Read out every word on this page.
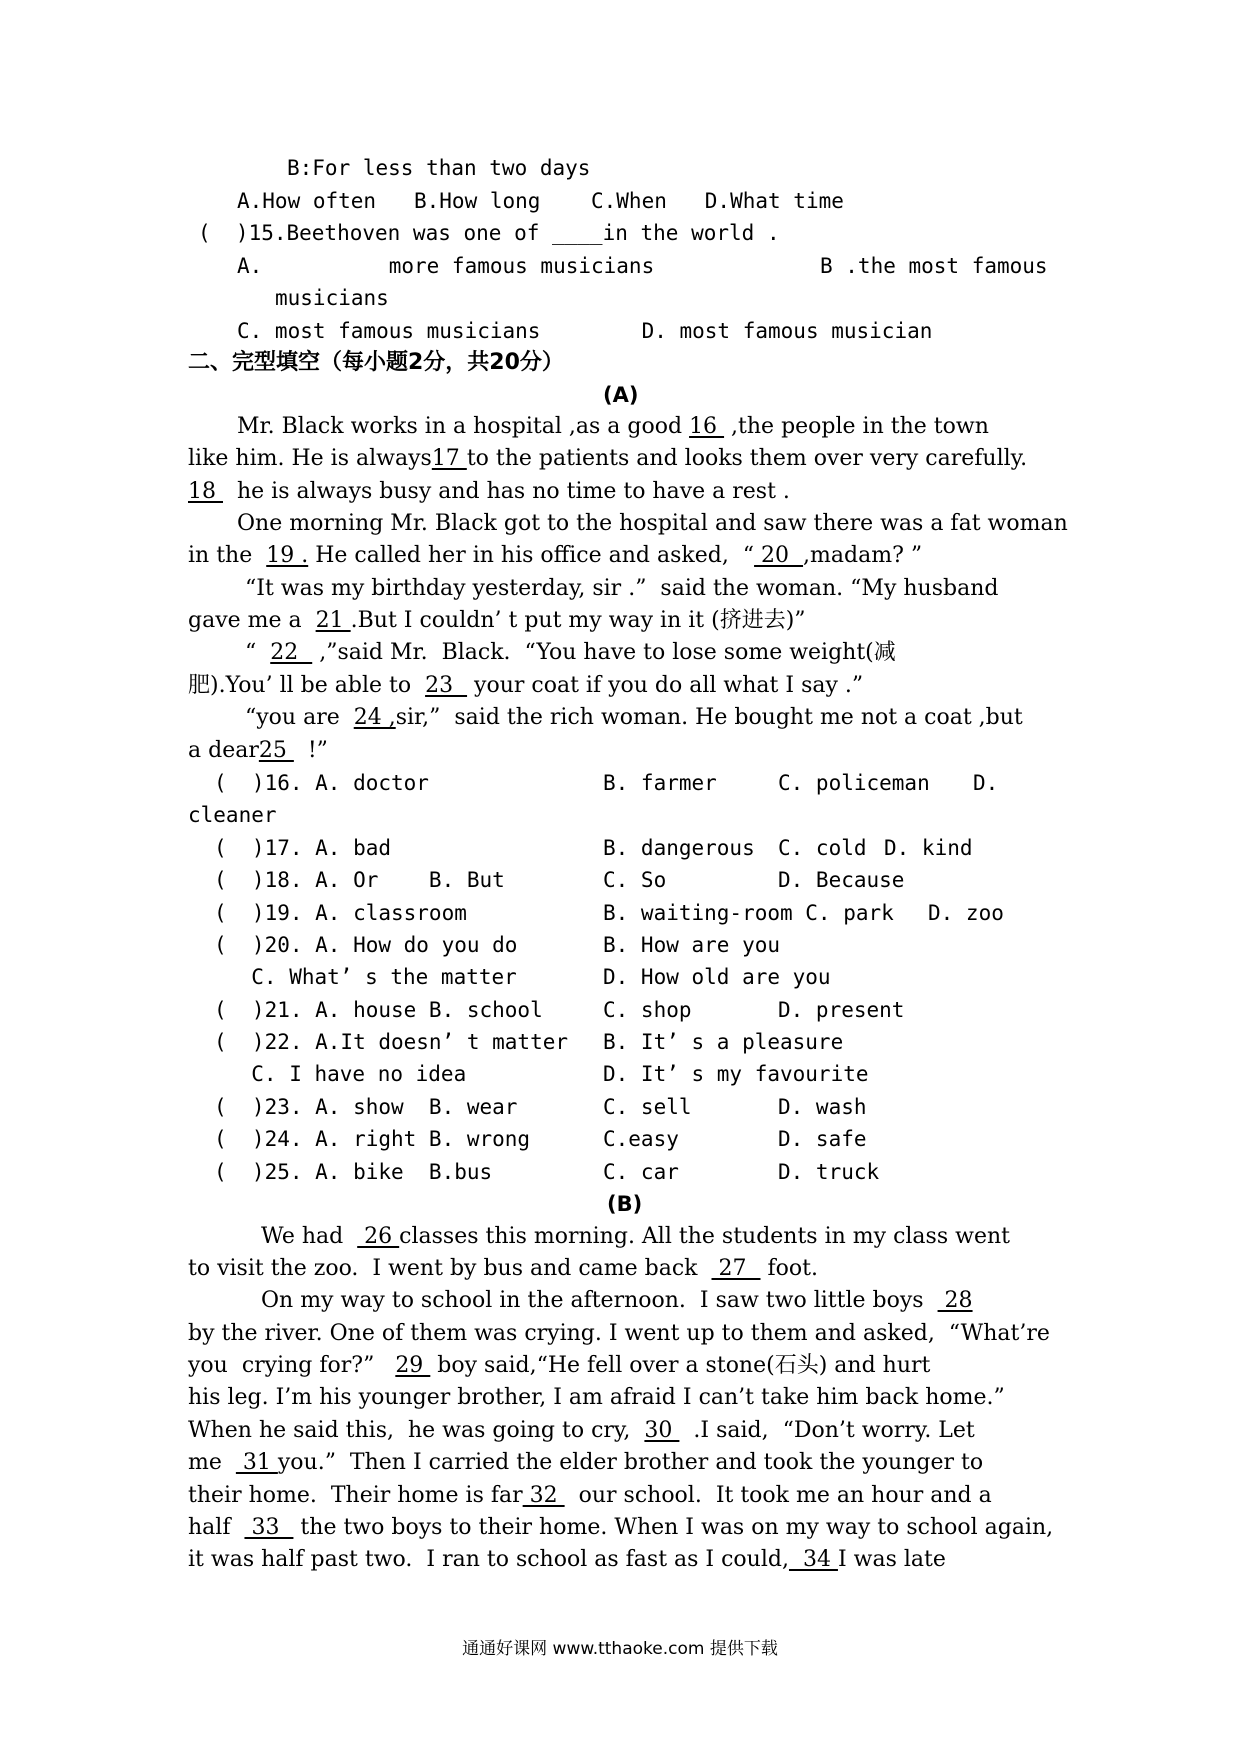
B:For less than two days
A.How often   B.How long    C.When   D.What time
(  )15.Beethoven was one of ____in the world .
A.          more famous musicians	B .the most famous
musicians
C. most famous musicians        D. most famous musician
二、完型填空（每小题2分，共20分）
(A)
Mr. Black works in a hospital ,as a good 16  ,the people in the town
like him. He is always17 to the patients and looks them over very carefully.
18   he is always busy and has no time to have a rest .
One morning Mr. Black got to the hospital and saw there was a fat woman
in the  19 . He called her in his office and asked,  “ 20  ,madam? ”
“It was my birthday yesterday, sir .”  said the woman. “My husband
gave me a  21 .But I couldn’ t put my way in it (挤进去)”
“  22   ,”said Mr.  Black.  “You have to lose some weight(减
肥).You’ ll be able to  23   your coat if you do all what I say .”
“you are  24 ,sir,”  said the rich woman. He bought me not a coat ,but
a dear25   !”
(  )16. A. doctor	B. farmer	C. policeman D.
cleaner
(  )17. A. bad	B. dangerous C. cold D. kind
(  )18. A. Or    B. But	C. So	D. Because
(  )19. A. classroom	B. waiting-room C. park D. zoo
(  )20. A. How do you do	B. How are you
C. What’ s the matter	D. How old are you
(  )21. A. house B. school	C. shop	D. present
(  )22. A.It doesn’ t matter B. It’ s a pleasure
C. I have no idea	D. It’ s my favourite
(  )23. A. show  B. wear	C. sell	D. wash
(  )24. A. right B. wrong	C.easy	D. safe
(  )25. A. bike  B.bus	C. car	D. truck
(B)
We had   26 classes this morning. All the students in my class went
to visit the zoo.  I went by bus and came back   27   foot.
On my way to school in the afternoon.  I saw two little boys   28
by the river. One of them was crying. I went up to them and asked,  “What’re
you  crying for?”   29  boy said,“He fell over a stone(石头) and hurt
his leg. I’m his younger brother, I am afraid I can’t take him back home.”
When he said this,  he was going to cry,  30   .I said,  “Don’t worry. Let
me   31 you.”  Then I carried the elder brother and took the younger to
their home.  Their home is far 32   our school.  It took me an hour and a
half   33   the two boys to their home. When I was on my way to school again,
it was half past two.  I ran to school as fast as I could,  34 I was late
通通好课网 www.tthaoke.com 提供下载
